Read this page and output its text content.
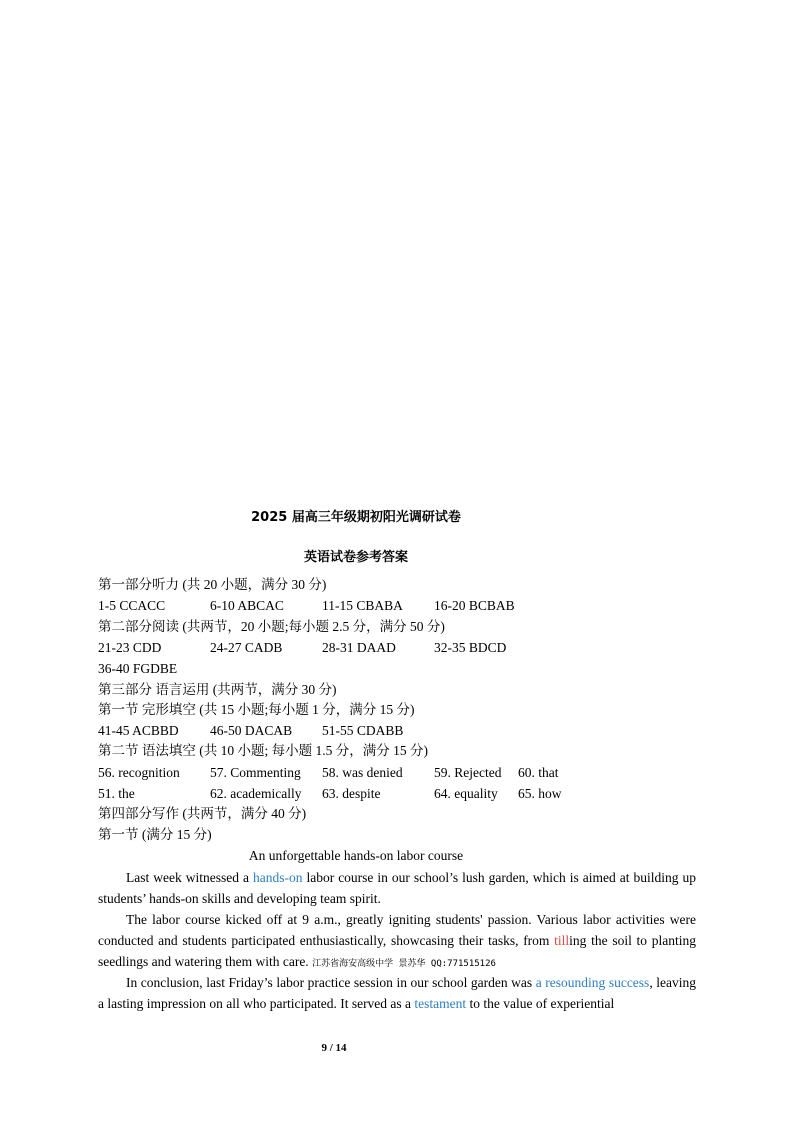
2025 届高三年级期初阳光调研试卷
英语试卷参考答案
第一部分听力 (共 20 小题，满分 30 分)
1-5 CCACC	6-10 ABCAC	11-15 CBABA 16-20 BCBAB
第二部分阅读 (共两节，20 小题;每小题 2.5 分，满分 50 分)
21-23 CDD	24-27 CADB	28-31 DAAD	32-35 BDCD
36-40 FGDBE
第三部分 语言运用 (共两节，满分 30 分)
第一节 完形填空 (共 15 小题;每小题 1 分，满分 15 分)
41-45 ACBBD 46-50 DACAB 51-55 CDABB
第二节 语法填空 (共 10 小题; 每小题 1.5 分，满分 15 分)
56. recognition 57. Commenting 58. was denied 59. Rejected 60. that
51. the	62. academically 63. despite	64. equality 65. how
第四部分写作 (共两节，满分 40 分)
第一节 (满分 15 分)
An unforgettable hands-on labor course
Last week witnessed a hands-on labor course in our school’s lush garden, which is aimed at building up students’ hands-on skills and developing team spirit.
The labor course kicked off at 9 a.m., greatly igniting students' passion. Various labor activities were conducted and students participated enthusiastically, showcasing their tasks, from tilling the soil to planting seedlings and watering them with care. 江苏省海安高级中学 景苏华 QQ:771515126
In conclusion, last Friday’s labor practice session in our school garden was a resounding success, leaving a lasting impression on all who participated. It served as a testament to the value of experiential
9 / 14
